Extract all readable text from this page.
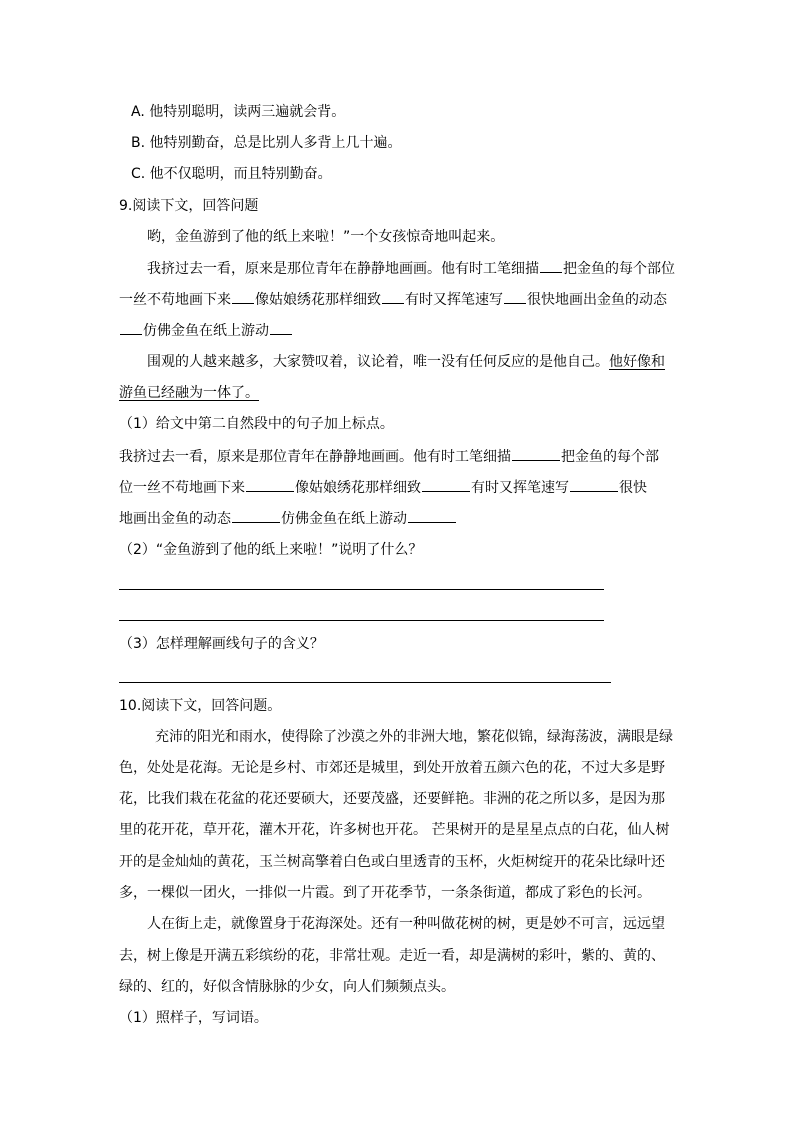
A. 他特别聪明，读两三遍就会背。
B. 他特别勤奋，总是比别人多背上几十遍。
C. 他不仅聪明，而且特别勤奋。
9.阅读下文，回答问题
哟，金鱼游到了他的纸上来啦！”一个女孩惊奇地叫起来。
我挤过去一看，原来是那位青年在静静地画画。他有时工笔细描 把金鱼的每个部位
一丝不苟地画下来 像姑娘绣花那样细致 有时又挥笔速写 很快地画出金鱼的动态
仿佛金鱼在纸上游动
围观的人越来越多，大家赞叹着，议论着，唯一没有任何反应的是他自己。他好像和
游鱼已经融为一体了。
（1）给文中第二自然段中的句子加上标点。
我挤过去一看，原来是那位青年在静静地画画。他有时工笔细描	把金鱼的每个部
位一丝不苟地画下来	像姑娘绣花那样细致	有时又挥笔速写	很快
地画出金鱼的动态	仿佛金鱼在纸上游动
（2）“金鱼游到了他的纸上来啦！”说明了什么？
（3）怎样理解画线句子的含义？
10.阅读下文，回答问题。
充沛的阳光和雨水，使得除了沙漠之外的非洲大地，繁花似锦，绿海荡波，满眼是绿
色，处处是花海。无论是乡村、市郊还是城里，到处开放着五颜六色的花，不过大多是野
花，比我们栽在花盆的花还要硕大，还要茂盛，还要鲜艳。非洲的花之所以多，是因为那
里的花开花，草开花，灌木开花，许多树也开花。 芒果树开的是星星点点的白花，仙人树
开的是金灿灿的黄花，玉兰树高擎着白色或白里透青的玉杯，火炬树绽开的花朵比绿叶还
多，一棵似一团火，一排似一片霞。到了开花季节，一条条街道，都成了彩色的长河。
人在街上走，就像置身于花海深处。还有一种叫做花树的树，更是妙不可言，远远望
去，树上像是开满五彩缤纷的花，非常壮观。走近一看，却是满树的彩叶，紫的、黄的、
绿的、红的，好似含情脉脉的少女，向人们频频点头。
（1）照样子，写词语。
